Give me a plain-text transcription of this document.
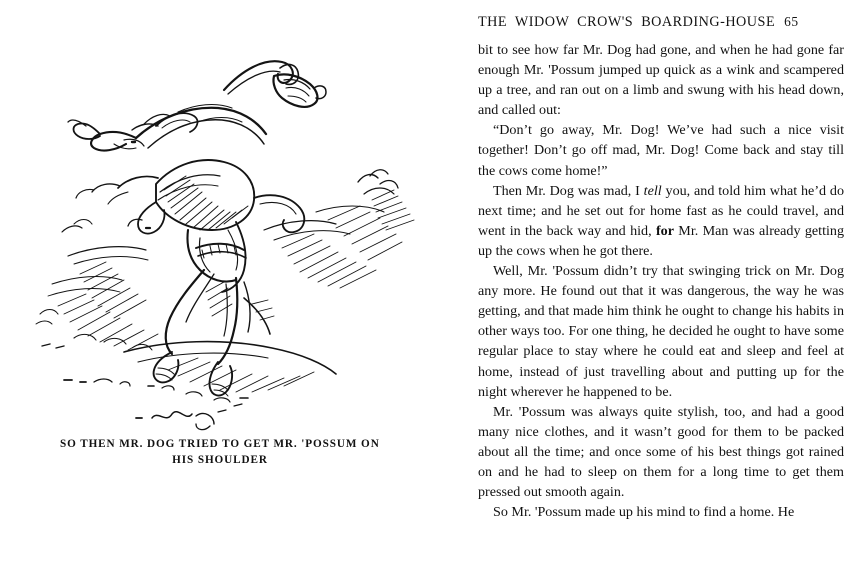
SO THEN MR. DOG TRIED TO GET MR. 'POSSUM ON
HIS SHOULDER
THE WIDOW CROW'S BOARDING-HOUSE 65

bit to see how far Mr. Dog had gone, and when he had gone far enough Mr. 'Possum jumped up quick as a wink and scampered up a tree, and ran out on a limb and swung with his head down, and called out:

“Don’t go away, Mr. Dog! We’ve had such a nice visit together! Don’t go off mad, Mr. Dog! Come back and stay till the cows come home!”

Then Mr. Dog was mad, I tell you, and told him what he’d do next time; and he set out for home fast as he could travel, and went in the back way and hid, for Mr. Man was already getting up the cows when he got there.

Well, Mr. 'Possum didn’t try that swinging trick on Mr. Dog any more. He found out that it was dangerous, the way he was getting, and that made him think he ought to change his habits in other ways too. For one thing, he decided he ought to have some regular place to stay where he could eat and sleep and feel at home, instead of just travelling about and putting up for the night wherever he happened to be.

Mr. 'Possum was always quite stylish, too, and had a good many nice clothes, and it wasn’t good for them to be packed about all the time; and once some of his best things got rained on and he had to sleep on them for a long time to get them pressed out smooth again.

So Mr. 'Possum made up his mind to find a home. He
